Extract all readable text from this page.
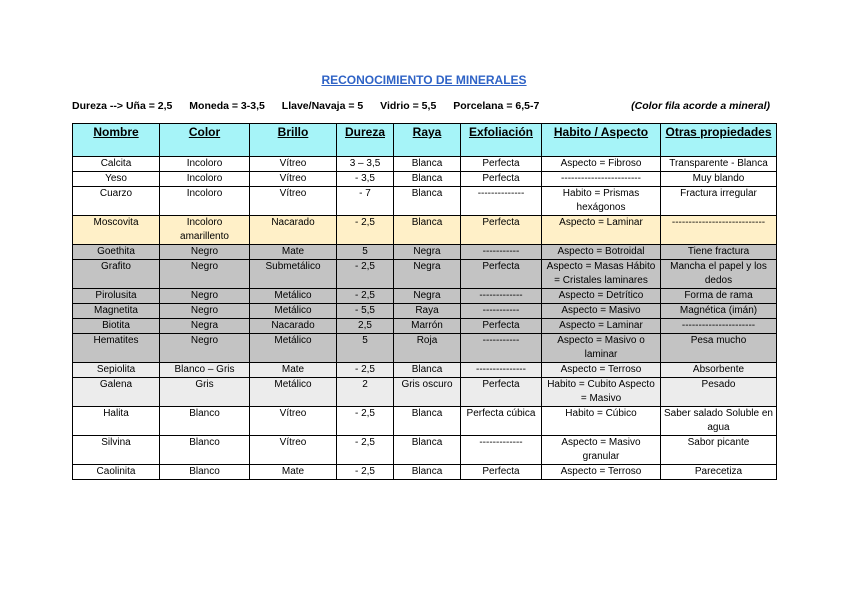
RECONOCIMIENTO DE MINERALES
Dureza --> Uña = 2,5 Moneda = 3-3,5 Llave/Navaja = 5 Vidrio = 5,5 Porcelana = 6,5-7	(Color fila acorde a mineral)
Nombre	Color	Brillo	Dureza	Raya	Exfoliación	Habito / Aspecto	Otras propiedades
Calcita	Incoloro	Vítreo	3 – 3,5	Blanca	Perfecta	Aspecto = Fibroso	Transparente - Blanca
Yeso	Incoloro	Vítreo	- 3,5	Blanca	Perfecta	------------------------	Muy blando
Cuarzo	Incoloro	Vítreo	- 7	Blanca	--------------	Habito = Prismas hexágonos	Fractura irregular
Moscovita	Incoloro amarillento	Nacarado	- 2,5	Blanca	Perfecta	Aspecto = Laminar	----------------------------
Goethita	Negro	Mate	5	Negra	-----------	Aspecto = Botroidal	Tiene fractura
Grafito	Negro	Submetálico	- 2,5	Negra	Perfecta	Aspecto = Masas Hábito = Cristales laminares	Mancha el papel y los dedos
Pirolusita	Negro	Metálico	- 2,5	Negra	-------------	Aspecto = Detrítico	Forma de rama
Magnetita	Negro	Metálico	- 5,5	Raya	-----------	Aspecto = Masivo	Magnética (imán)
Biotita	Negra	Nacarado	2,5	Marrón	Perfecta	Aspecto = Laminar	----------------------
Hematites	Negro	Metálico	5	Roja	-----------	Aspecto = Masivo o laminar	Pesa mucho
Sepiolita	Blanco – Gris	Mate	- 2,5	Blanca	---------------	Aspecto = Terroso	Absorbente
Galena	Gris	Metálico	2	Gris oscuro	Perfecta	Habito = Cubito Aspecto = Masivo	Pesado
Halita	Blanco	Vítreo	- 2,5	Blanca	Perfecta cúbica	Habito = Cúbico	Saber salado Soluble en agua
Silvina	Blanco	Vítreo	- 2,5	Blanca	-------------	Aspecto = Masivo granular	Sabor picante
Caolinita	Blanco	Mate	- 2,5	Blanca	Perfecta	Aspecto = Terroso	Parecetiza
